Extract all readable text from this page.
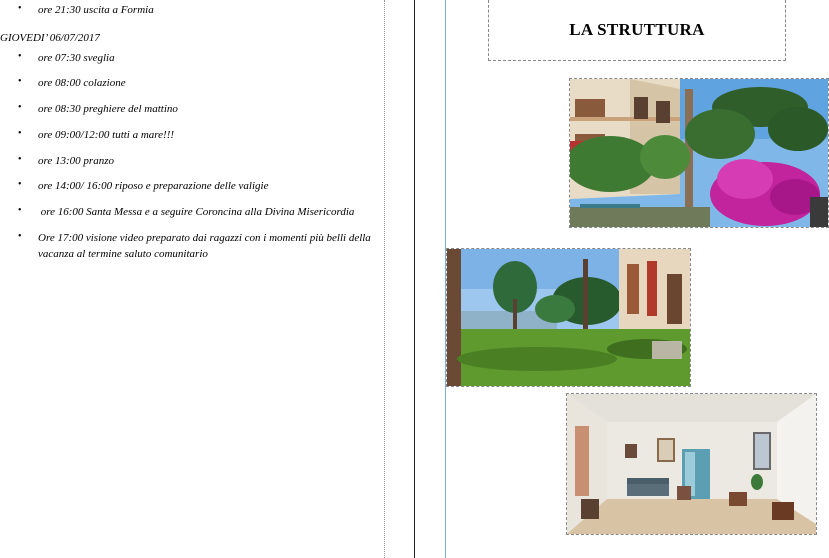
•	ore 21:30 uscita a Formia
GIOVEDI’ 06/07/2017
•	ore 07:30 sveglia
•	ore 08:00 colazione
•	ore 08:30 preghiere del mattino
•	ore 09:00/12:00 tutti a mare!!!
•	ore 13:00 pranzo
•	ore 14:00/ 16:00 riposo e preparazione delle valigie
•	ore 16:00 Santa Messa e a seguire Coroncina alla Divina Misericordia
•	Ore 17:00 visione video preparato dai ragazzi con i momenti più belli della
vacanza al termine saluto comunitario
LA STRUTTURA
